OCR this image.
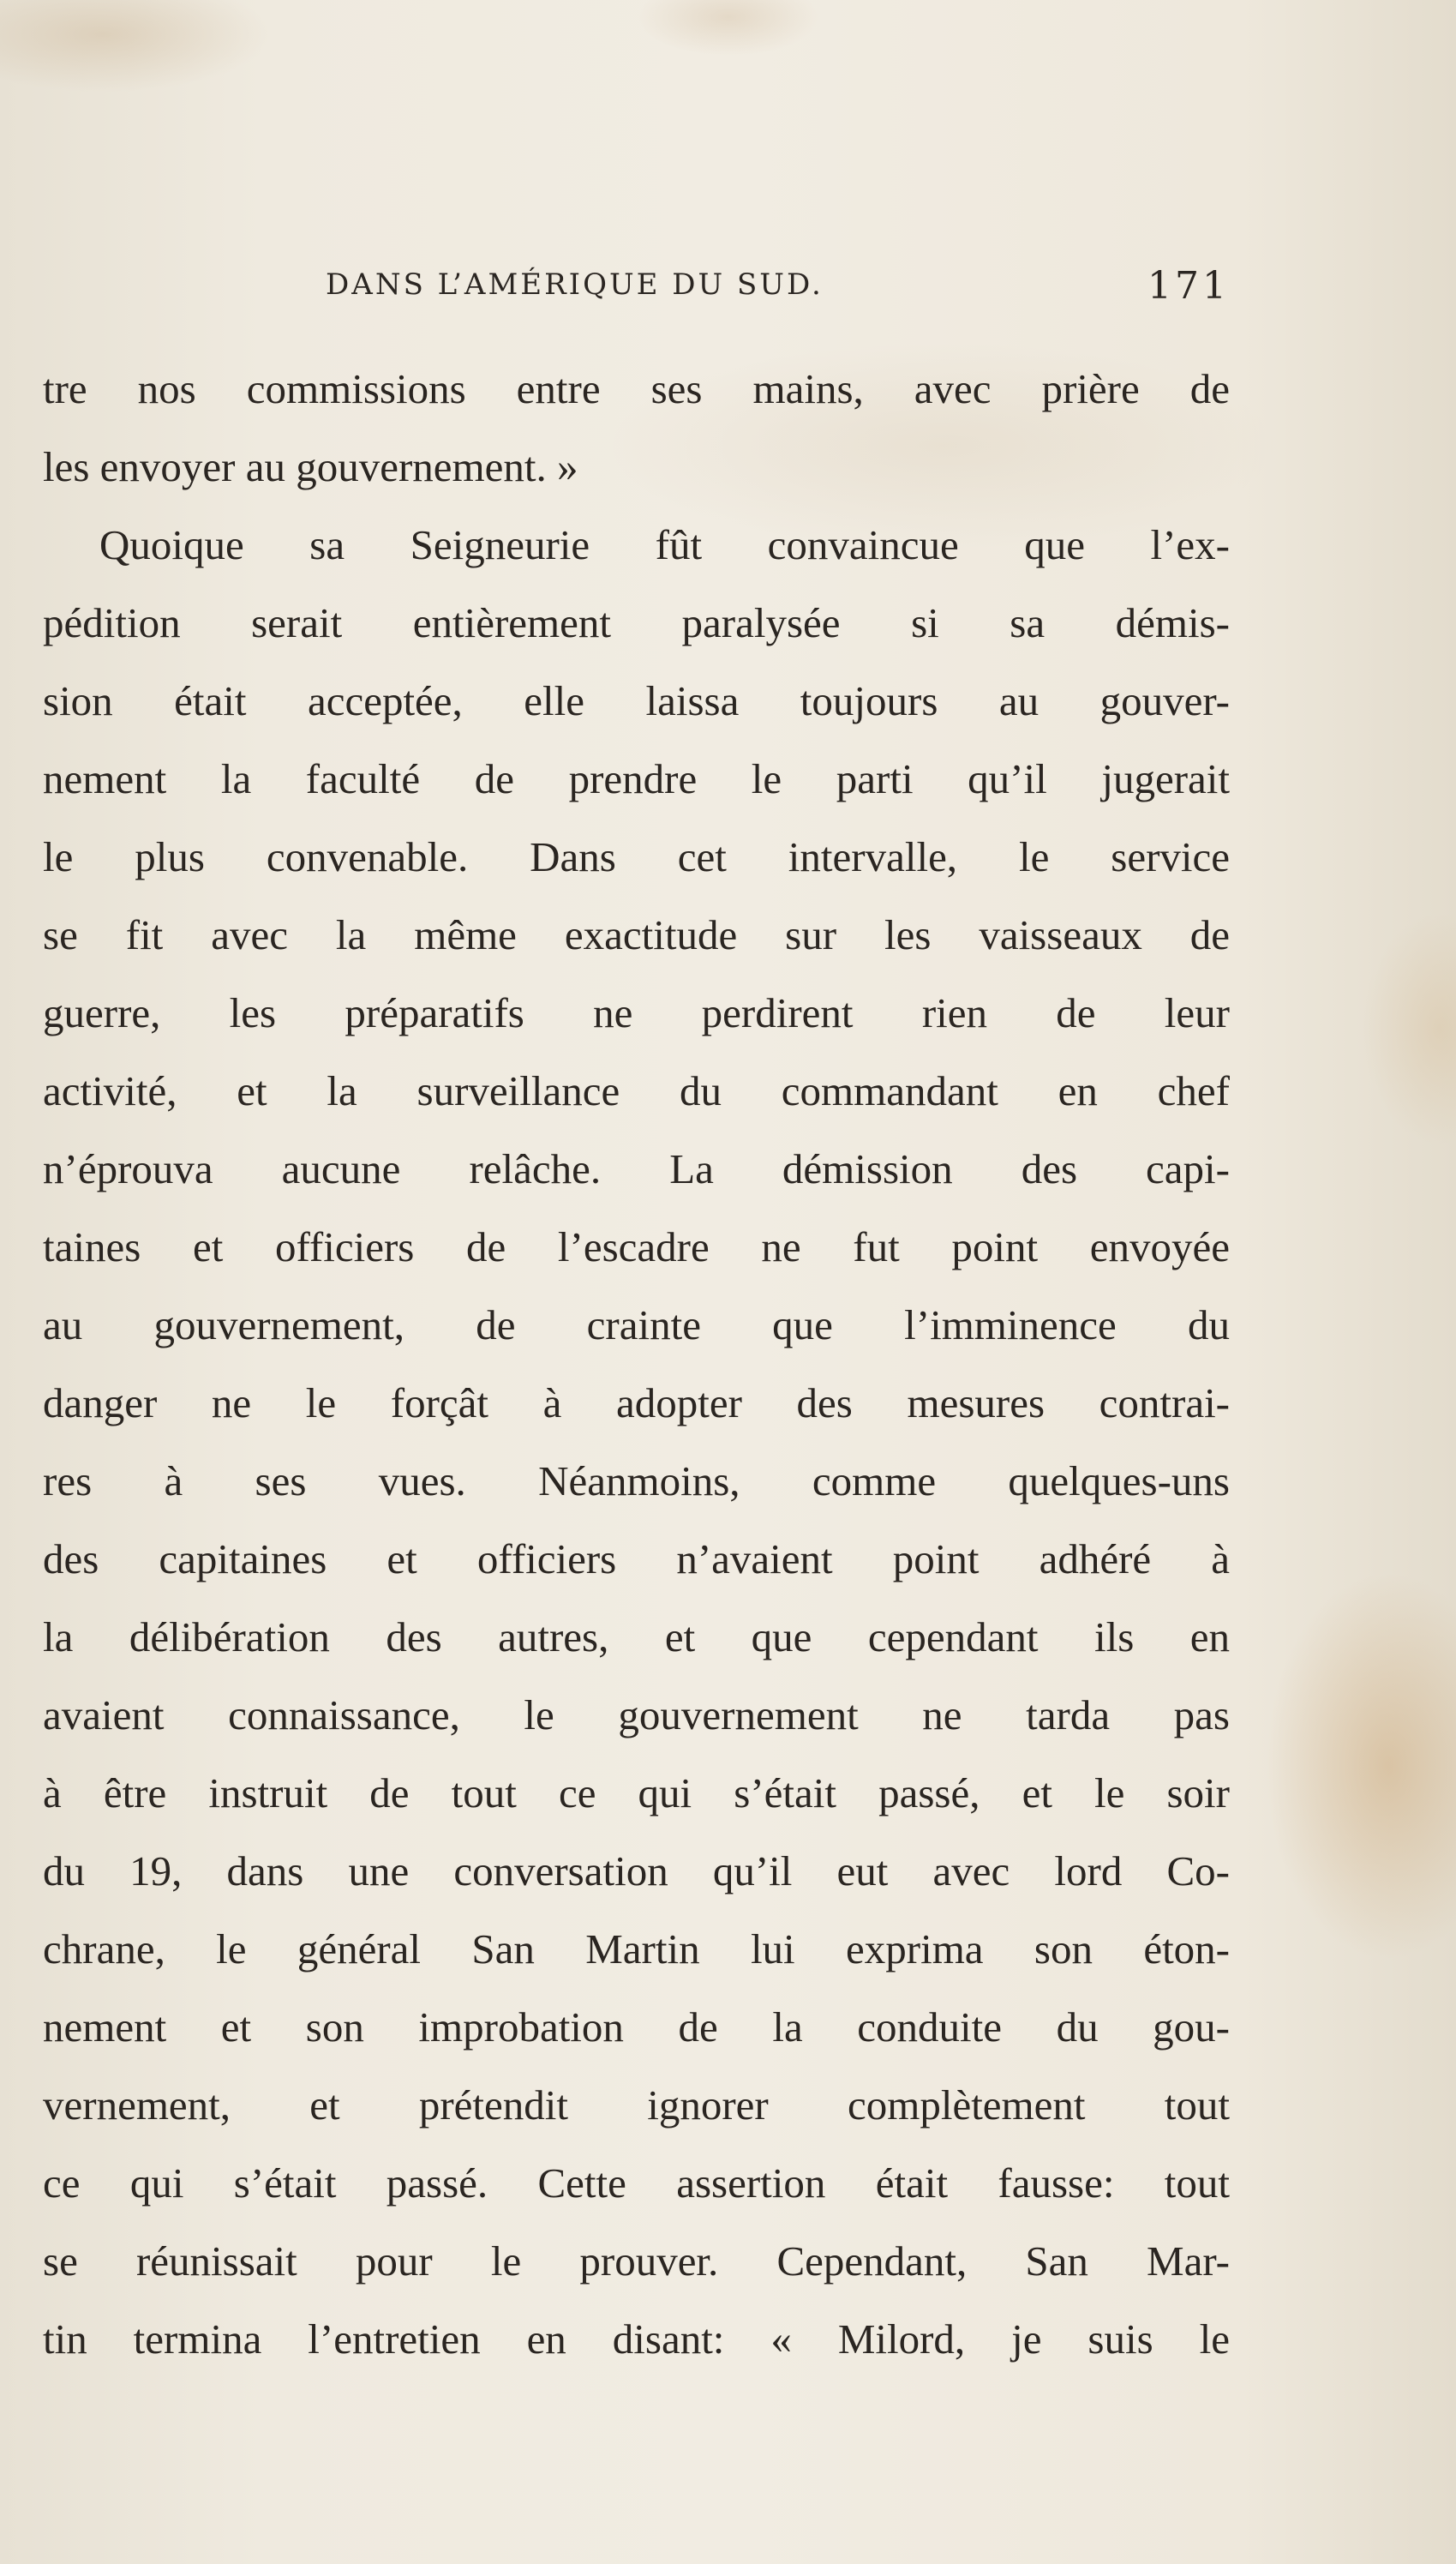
DANS L’AMÉRIQUE DU SUD.	171
tre nos commissions entre ses mains, avec prière de
les envoyer au gouvernement. »
Quoique sa Seigneurie fût convaincue que l’ex-
pédition serait entièrement paralysée si sa démis-
sion était acceptée, elle laissa toujours au gouver-
nement la faculté de prendre le parti qu’il jugerait
le plus convenable. Dans cet intervalle, le service
se fit avec la même exactitude sur les vaisseaux de
guerre, les préparatifs ne perdirent rien de leur
activité, et la surveillance du commandant en chef
n’éprouva aucune relâche. La démission des capi-
taines et officiers de l’escadre ne fut point envoyée
au gouvernement, de crainte que l’imminence du
danger ne le forçât à adopter des mesures contrai-
res à ses vues. Néanmoins, comme quelques-uns
des capitaines et officiers n’avaient point adhéré à
la délibération des autres, et que cependant ils en
avaient connaissance, le gouvernement ne tarda pas
à être instruit de tout ce qui s’était passé, et le soir
du 19, dans une conversation qu’il eut avec lord Co-
chrane, le général San Martin lui exprima son éton-
nement et son improbation de la conduite du gou-
vernement, et prétendit ignorer complètement tout
ce qui s’était passé. Cette assertion était fausse: tout
se réunissait pour le prouver. Cependant, San Mar-
tin termina l’entretien en disant: « Milord, je suis le
